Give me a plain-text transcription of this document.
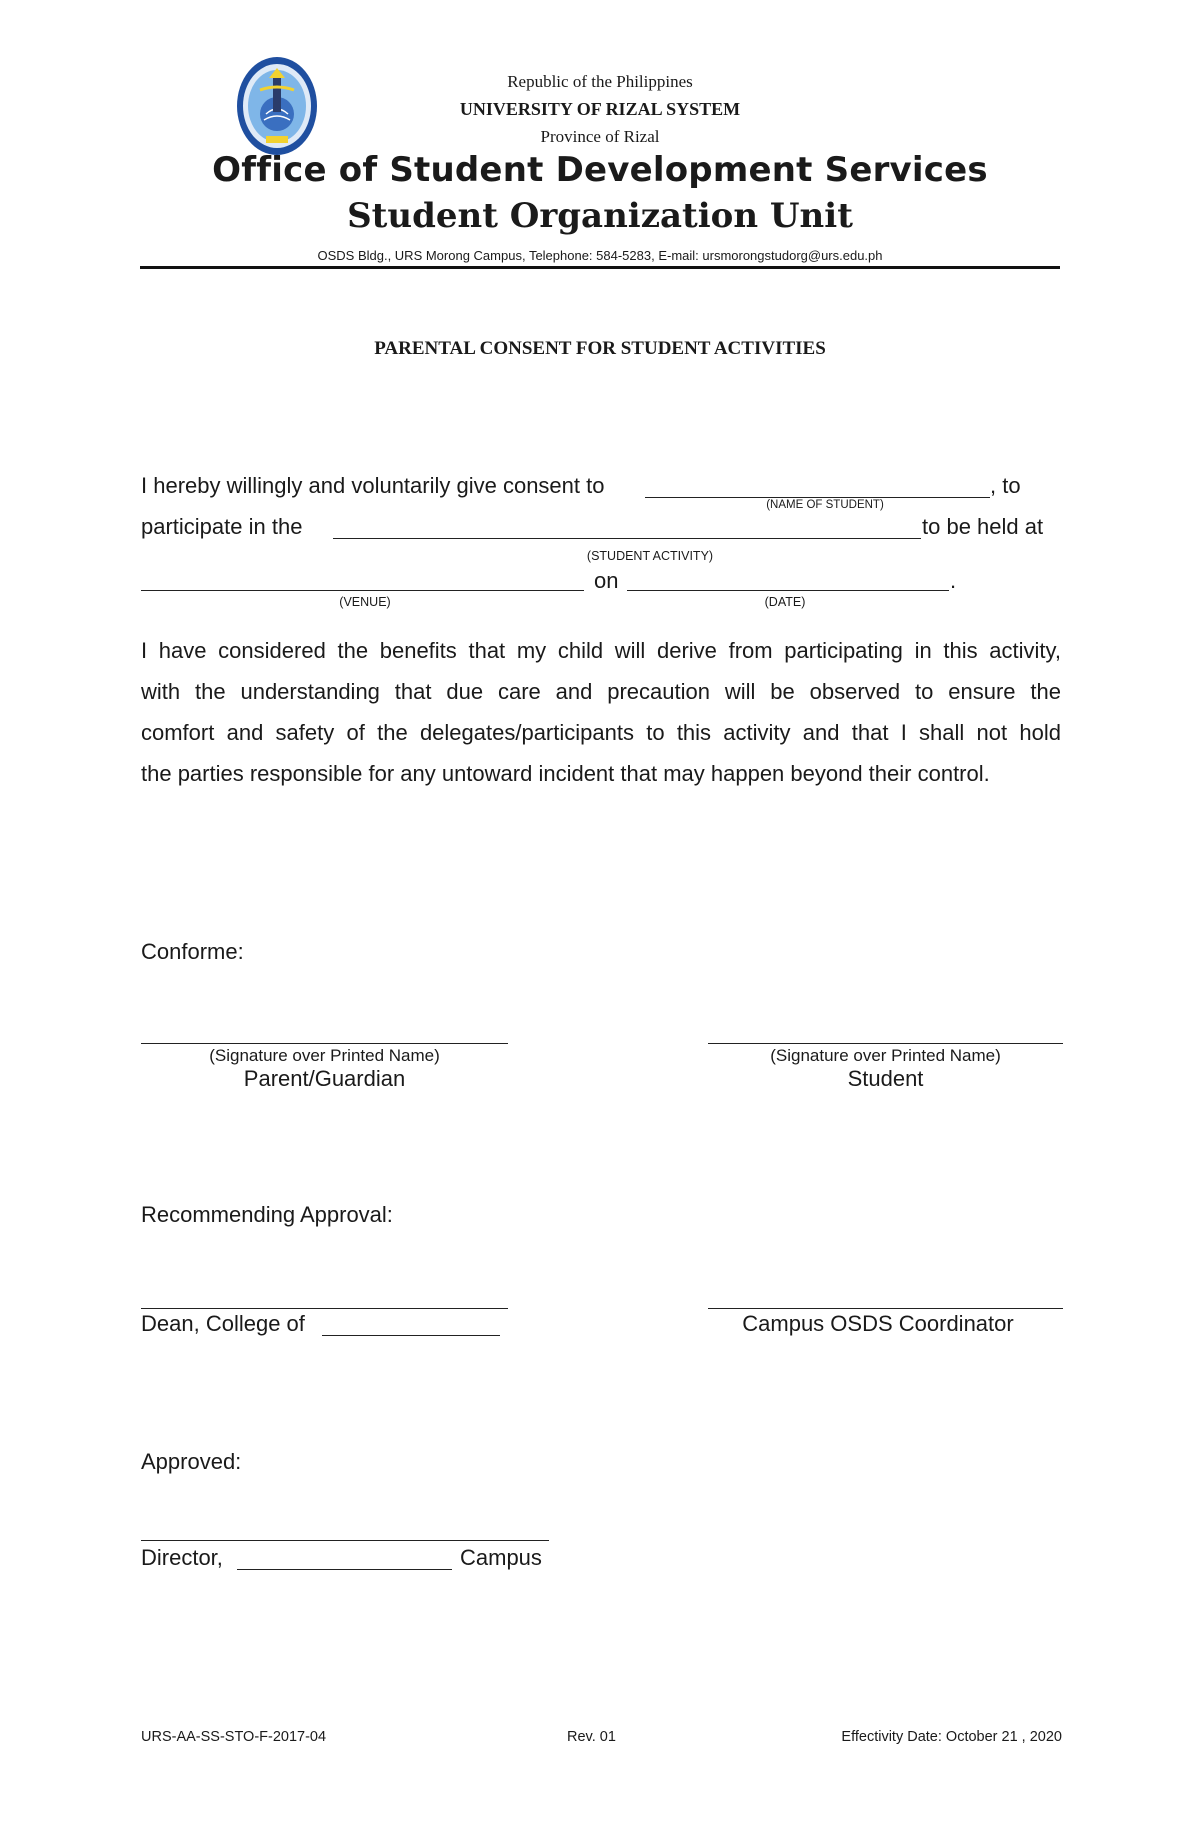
Republic of the Philippines
UNIVERSITY OF RIZAL SYSTEM
Province of Rizal
Office of Student Development Services
Student Organization Unit
OSDS Bldg., URS Morong Campus, Telephone: 584-5283, E-mail: ursmorongstudorg@urs.edu.ph
PARENTAL CONSENT FOR STUDENT ACTIVITIES
I hereby willingly and voluntarily give consent to	, to
(NAME OF STUDENT)
participate in the	to be held at
(STUDENT ACTIVITY)
on	.
(VENUE)	(DATE)
I have considered the benefits that my child will derive from participating in this activity,
with the understanding that due care and precaution will be observed to ensure the
comfort and safety of the delegates/participants to this activity and that I shall not hold
the parties responsible for any untoward incident that may happen beyond their control.
Conforme:
(Signature over Printed Name)
Parent/Guardian
(Signature over Printed Name)
Student
Recommending Approval:
Dean, College of	Campus OSDS Coordinator
Approved:
Director,	Campus
URS-AA-SS-STO-F-2017-04	Rev. 01	Effectivity Date: October 21 , 2020
